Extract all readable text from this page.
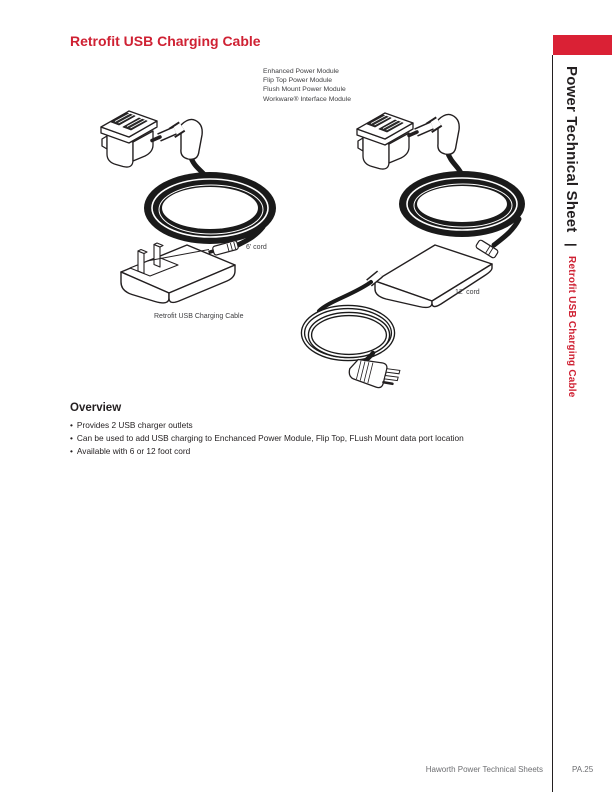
Retrofit USB Charging Cable
Enhanced Power Module
Flip Top Power Module
Flush Mount Power Module
Workware® Interface Module
6' cord
Retrofit USB Charging Cable
12' cord
Overview
• Provides 2 USB charger outlets
• Can be used to add USB charging to Enchanced Power Module, Flip Top, FLush Mount data port location
• Available with 6 or 12 foot cord
Power Technical Sheet | Retrofit USB Charging Cable
Haworth Power Technical Sheets	PA.25
